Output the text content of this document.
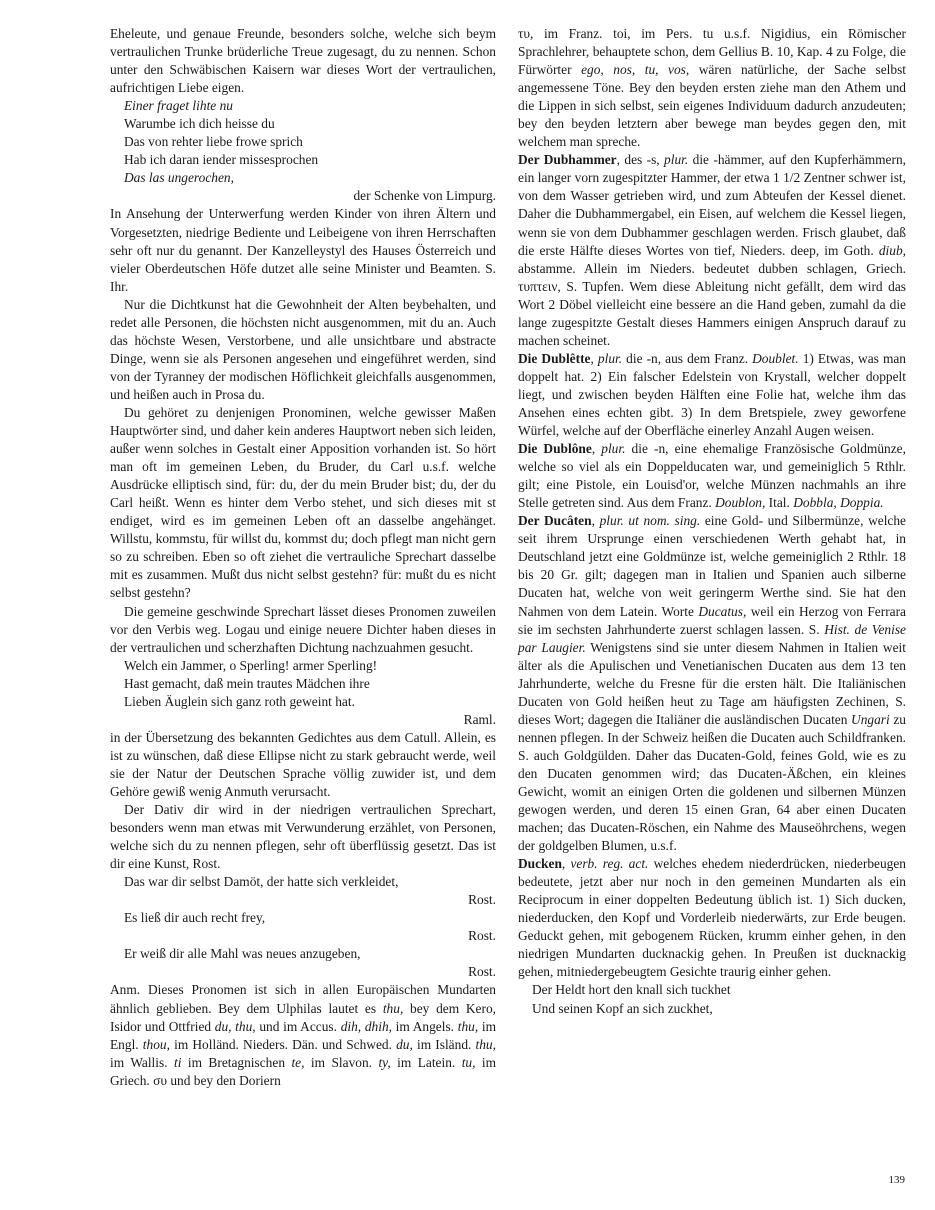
Eheleute, und genaue Freunde, besonders solche, welche sich beym vertraulichen Trunke brüderliche Treue zugesagt, du zu nennen. Schon unter den Schwäbischen Kaisern war dieses Wort der vertraulichen, aufrichtigen Liebe eigen.

Einer fraget lihte nu

Warumbe ich dich heisse du

Das von rehter liebe frowe sprich

Hab ich daran iender missesprochen

Das las ungerochen,

der Schenke von Limpurg.

In Ansehung der Unterwerfung werden Kinder von ihren Ältern und Vorgesetzten, niedrige Bediente und Leibeigene von ihren Herrschaften sehr oft nur du genannt. Der Kanzelleystyl des Hauses Österreich und vieler Oberdeutschen Höfe dutzet alle seine Minister und Beamten. S. Ihr.

Nur die Dichtkunst hat die Gewohnheit der Alten beybehalten, und redet alle Personen, die höchsten nicht ausgenommen, mit du an. Auch das höchste Wesen, Verstorbene, und alle unsichtbare und abstracte Dinge, wenn sie als Personen angesehen und eingeführet werden, sind von der Tyranney der modischen Höflichkeit gleichfalls ausgenommen, und heißen auch in Prosa du.

Du gehöret zu denjenigen Pronominen, welche gewisser Maßen Hauptwörter sind, und daher kein anderes Hauptwort neben sich leiden, außer wenn solches in Gestalt einer Apposition vorhanden ist. So hört man oft im gemeinen Leben, du Bruder, du Carl u.s.f. welche Ausdrücke elliptisch sind, für: du, der du mein Bruder bist; du, der du Carl heißt. Wenn es hinter dem Verbo stehet, und sich dieses mit st endiget, wird es im gemeinen Leben oft an dasselbe angehänget. Willstu, kommstu, für willst du, kommst du; doch pflegt man nicht gern so zu schreiben. Eben so oft ziehet die vertrauliche Sprechart dasselbe mit es zusammen. Mußt dus nicht selbst gestehn? für: mußt du es nicht selbst gestehn?

Die gemeine geschwinde Sprechart lässet dieses Pronomen zuweilen vor den Verbis weg. Logau und einige neuere Dichter haben dieses in der vertraulichen und scherzhaften Dichtung nachzuahmen gesucht.

Welch ein Jammer, o Sperling! armer Sperling!

Hast gemacht, daß mein trautes Mädchen ihre

Lieben Äuglein sich ganz roth geweint hat.

Raml.

in der Übersetzung des bekannten Gedichtes aus dem Catull. Allein, es ist zu wünschen, daß diese Ellipse nicht zu stark gebraucht werde, weil sie der Natur der Deutschen Sprache völlig zuwider ist, und dem Gehöre gewiß wenig Anmuth verursacht.

Der Dativ dir wird in der niedrigen vertraulichen Sprechart, besonders wenn man etwas mit Verwunderung erzählet, von Personen, welche sich du zu nennen pflegen, sehr oft überflüssig gesetzt. Das ist dir eine Kunst, Rost.

Das war dir selbst Damöt, der hatte sich verkleidet,

Rost.

Es ließ dir auch recht frey,

Rost.

Er weiß dir alle Mahl was neues anzugeben,

Rost.

Anm. Dieses Pronomen ist sich in allen Europäischen Mundarten ähnlich geblieben. Bey dem Ulphilas lautet es thu, bey dem Kero, Isidor und Ottfried du, thu, und im Accus. dih, dhih, im Angels. thu, im Engl. thou, im Holländ. Nieders. Dän. und Schwed. du, im Isländ. thu, im Wallis. ti im Bretagnischen te, im Slavon. ty, im Latein. tu, im Griech. συ und bey den Doriern

τυ, im Franz. toi, im Pers. tu u.s.f. Nigidius, ein Römischer Sprachlehrer, behauptete schon, dem Gellius B. 10, Kap. 4 zu Folge, die Fürwörter ego, nos, tu, vos, wären natürliche, der Sache selbst angemessene Töne. Bey den beyden ersten ziehe man den Athem und die Lippen in sich selbst, sein eigenes Individuum dadurch anzudeuten; bey den beyden letztern aber bewege man beydes gegen den, mit welchem man spreche.

Der Dubhammer, des -s, plur. die -hämmer, auf den Kupferhämmern, ein langer vorn zugespitzter Hammer, der etwa 1 1/2 Zentner schwer ist, von dem Wasser getrieben wird, und zum Abteufen der Kessel dienet. Daher die Dubhammergabel, ein Eisen, auf welchem die Kessel liegen, wenn sie von dem Dubhammer geschlagen werden. Frisch glaubet, daß die erste Hälfte dieses Wortes von tief, Nieders. deep, im Goth. diub, abstamme. Allein im Nieders. bedeutet dubben schlagen, Griech. τυπτειν, S. Tupfen. Wem diese Ableitung nicht gefällt, dem wird das Wort 2 Döbel vielleicht eine bessere an die Hand geben, zumahl da die lange zugespitzte Gestalt dieses Hammers einigen Anspruch darauf zu machen scheinet.

Die Dublêtte, plur. die -n, aus dem Franz. Doublet. 1) Etwas, was man doppelt hat. 2) Ein falscher Edelstein von Krystall, welcher doppelt liegt, und zwischen beyden Hälften eine Folie hat, welche ihm das Ansehen eines echten gibt. 3) In dem Bretspiele, zwey geworfene Würfel, welche auf der Oberfläche einerley Anzahl Augen weisen.

Die Dublône, plur. die -n, eine ehemalige Französische Goldmünze, welche so viel als ein Doppelducaten war, und gemeiniglich 5 Rthlr. gilt; eine Pistole, ein Louisd'or, welche Münzen nachmahls an ihre Stelle getreten sind. Aus dem Franz. Doublon, Ital. Dobbla, Doppia.

Der Ducâten, plur. ut nom. sing. eine Gold- und Silbermünze, welche seit ihrem Ursprunge einen verschiedenen Werth gehabt hat, in Deutschland jetzt eine Goldmünze ist, welche gemeiniglich 2 Rthlr. 18 bis 20 Gr. gilt; dagegen man in Italien und Spanien auch silberne Ducaten hat, welche von weit geringerm Werthe sind. Sie hat den Nahmen von dem Latein. Worte Ducatus, weil ein Herzog von Ferrara sie im sechsten Jahrhunderte zuerst schlagen lassen. S. Hist. de Venise par Laugier. Wenigstens sind sie unter diesem Nahmen in Italien weit älter als die Apulischen und Venetianischen Ducaten aus dem 13 ten Jahrhunderte, welche du Fresne für die ersten hält. Die Italiänischen Ducaten von Gold heißen heut zu Tage am häufigsten Zechinen, S. dieses Wort; dagegen die Italiäner die ausländischen Ducaten Ungari zu nennen pflegen. In der Schweiz heißen die Ducaten auch Schildfranken. S. auch Goldgülden. Daher das Ducaten-Gold, feines Gold, wie es zu den Ducaten genommen wird; das Ducaten-Äßchen, ein kleines Gewicht, womit an einigen Orten die goldenen und silbernen Münzen gewogen werden, und deren 15 einen Gran, 64 aber einen Ducaten machen; das Ducaten-Röschen, ein Nahme des Mauseöhrchens, wegen der goldgelben Blumen, u.s.f.

Ducken, verb. reg. act. welches ehedem niederdrücken, niederbeugen bedeutete, jetzt aber nur noch in den gemeinen Mundarten als ein Reciprocum in einer doppelten Bedeutung üblich ist. 1) Sich ducken, niederducken, den Kopf und Vorderleib niederwärts, zur Erde beugen. Geduckt gehen, mit gebogenem Rücken, krumm einher gehen, in den niedrigen Mundarten ducknackig gehen. In Preußen ist ducknackig gehen, mitniedergebeugtem Gesichte traurig einher gehen.

Der Heldt hort den knall sich tuckhet

Und seinen Kopf an sich zuckhet,

139
